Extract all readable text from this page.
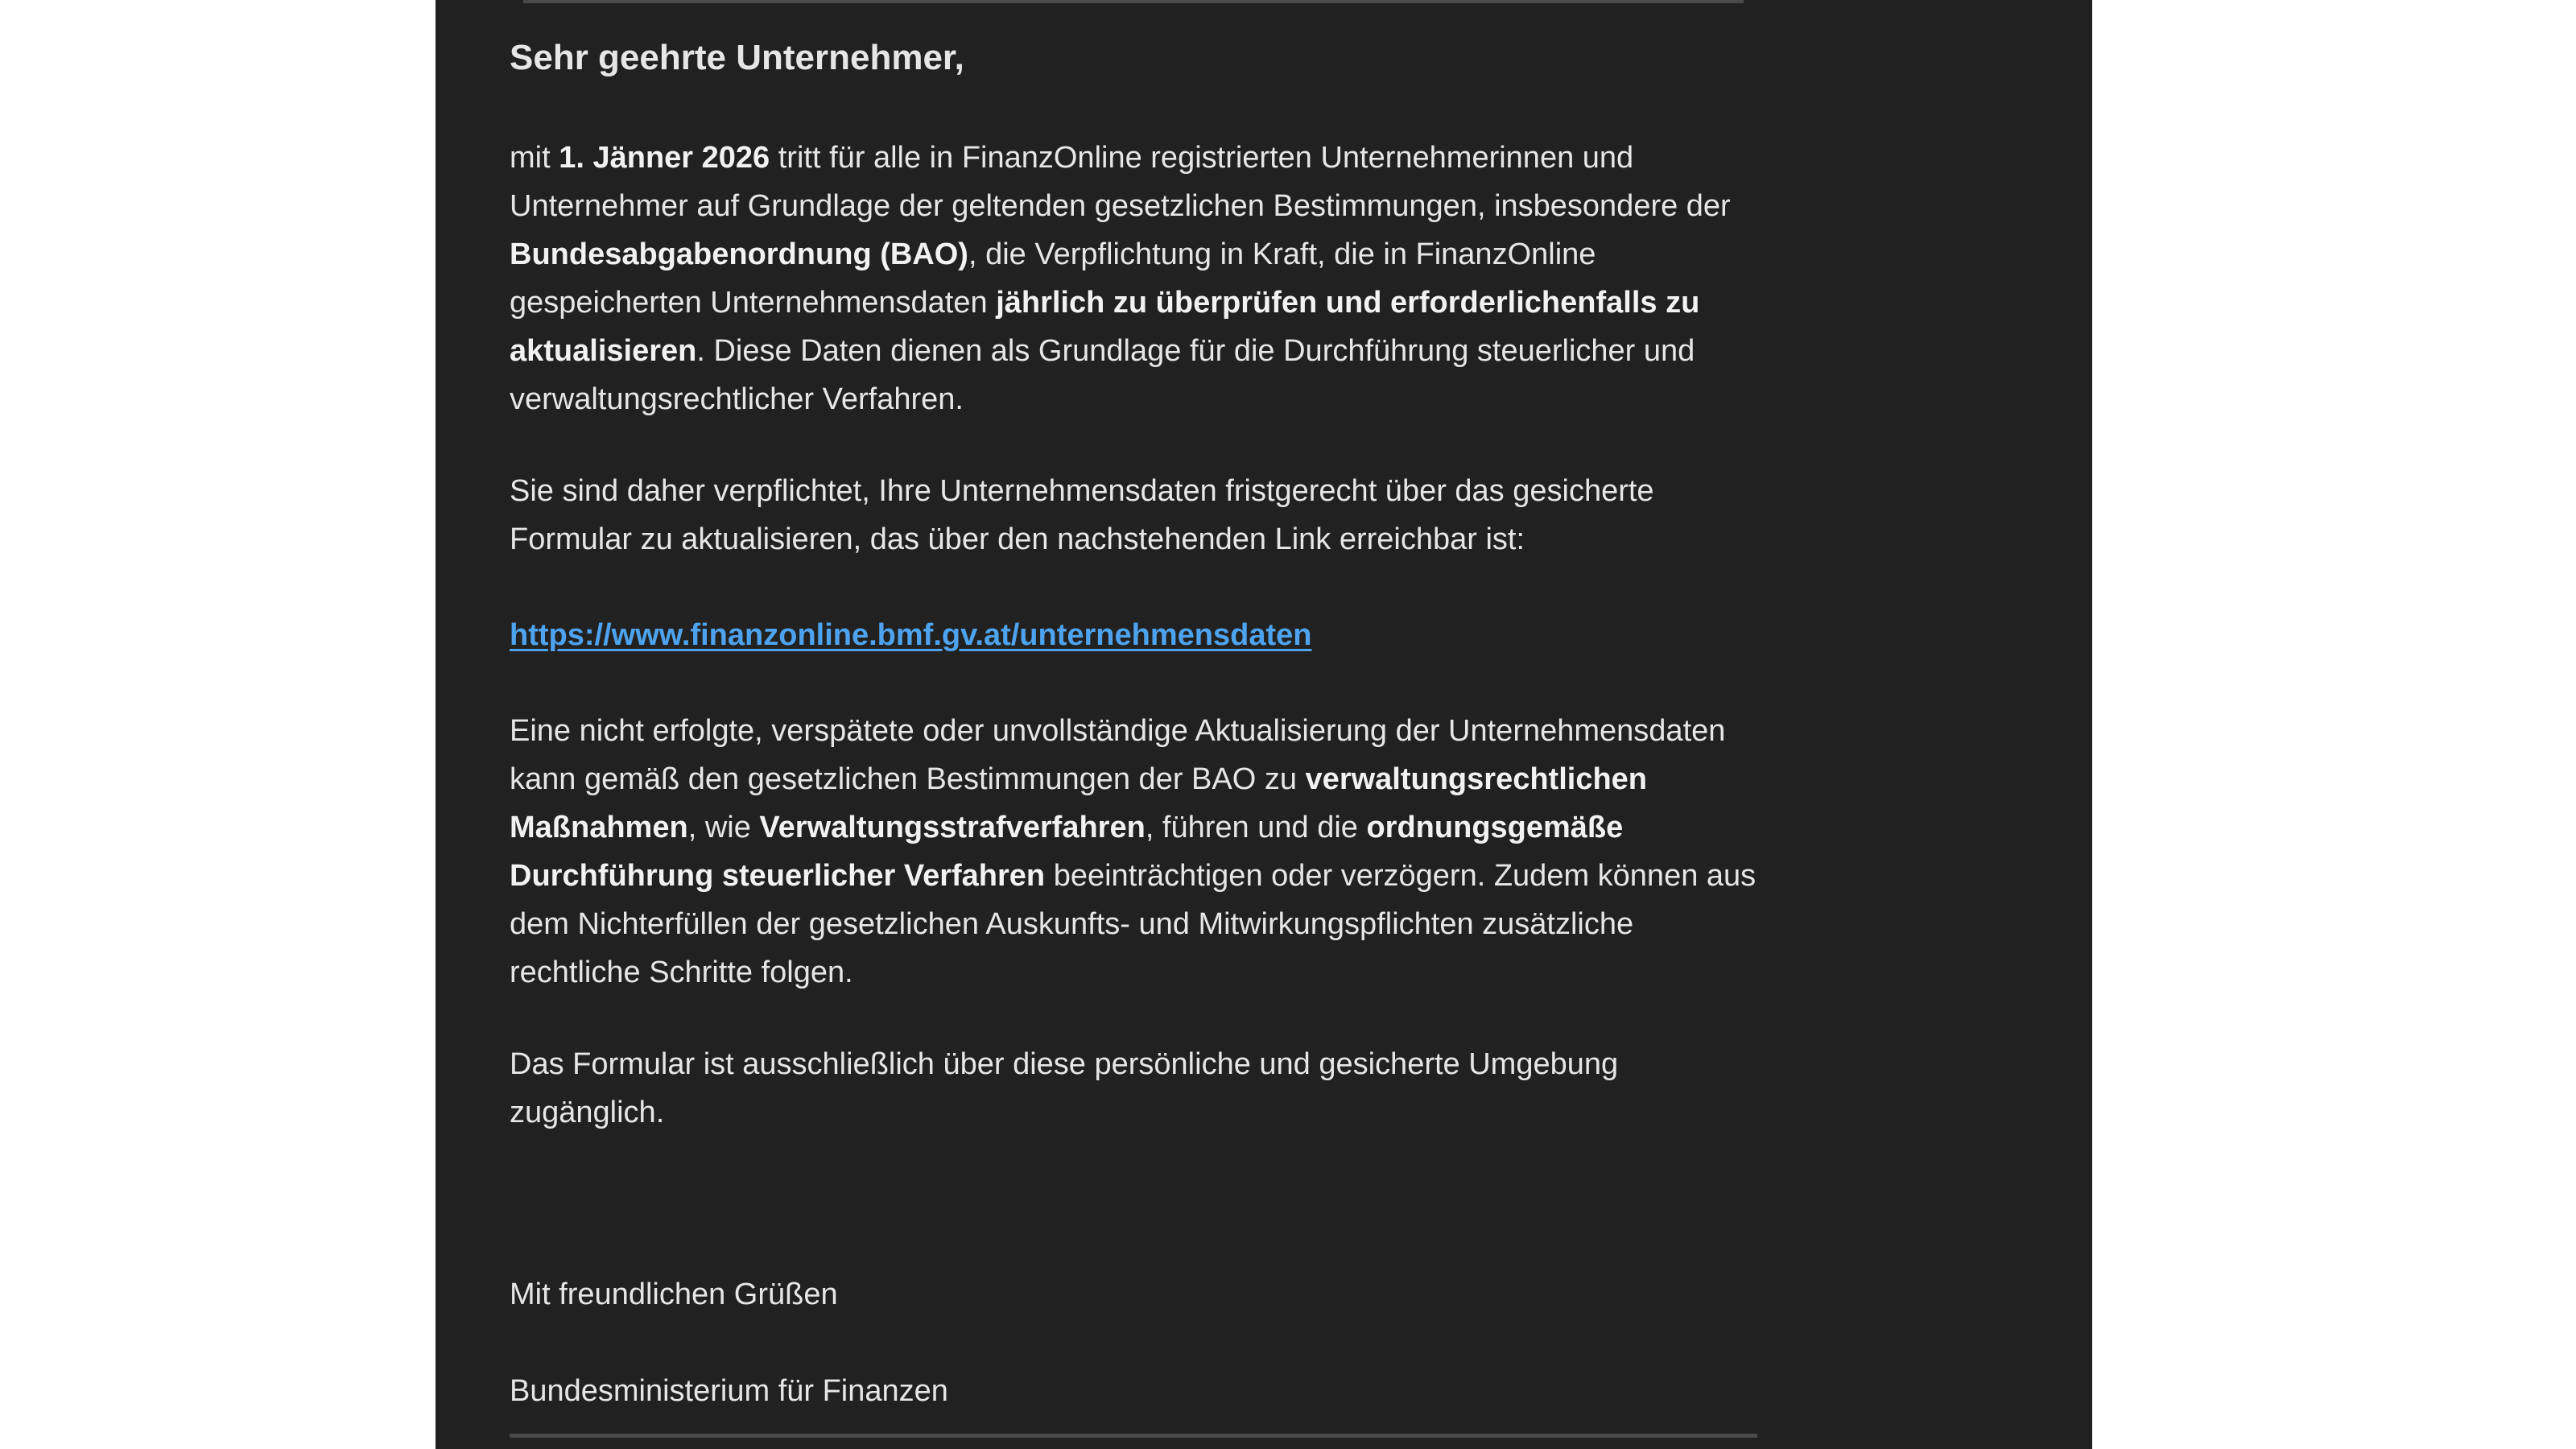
Sehr geehrte Unternehmer,

mit 1. Jänner 2026 tritt für alle in FinanzOnline registrierten Unternehmerinnen und Unternehmer auf Grundlage der geltenden gesetzlichen Bestimmungen, insbesondere der Bundesabgabenordnung (BAO), die Verpflichtung in Kraft, die in FinanzOnline gespeicherten Unternehmensdaten jährlich zu überprüfen und erforderlichenfalls zu aktualisieren. Diese Daten dienen als Grundlage für die Durchführung steuerlicher und verwaltungsrechtlicher Verfahren.

Sie sind daher verpflichtet, Ihre Unternehmensdaten fristgerecht über das gesicherte Formular zu aktualisieren, das über den nachstehenden Link erreichbar ist:

https://www.finanzonline.bmf.gv.at/unternehmensdaten

Eine nicht erfolgte, verspätete oder unvollständige Aktualisierung der Unternehmensdaten kann gemäß den gesetzlichen Bestimmungen der BAO zu verwaltungsrechtlichen Maßnahmen, wie Verwaltungsstrafverfahren, führen und die ordnungsgemäße Durchführung steuerlicher Verfahren beeinträchtigen oder verzögern. Zudem können aus dem Nichterfüllen der gesetzlichen Auskunfts- und Mitwirkungspflichten zusätzliche rechtliche Schritte folgen.

Das Formular ist ausschließlich über diese persönliche und gesicherte Umgebung zugänglich.

Mit freundlichen Grüßen

Bundesministerium für Finanzen
